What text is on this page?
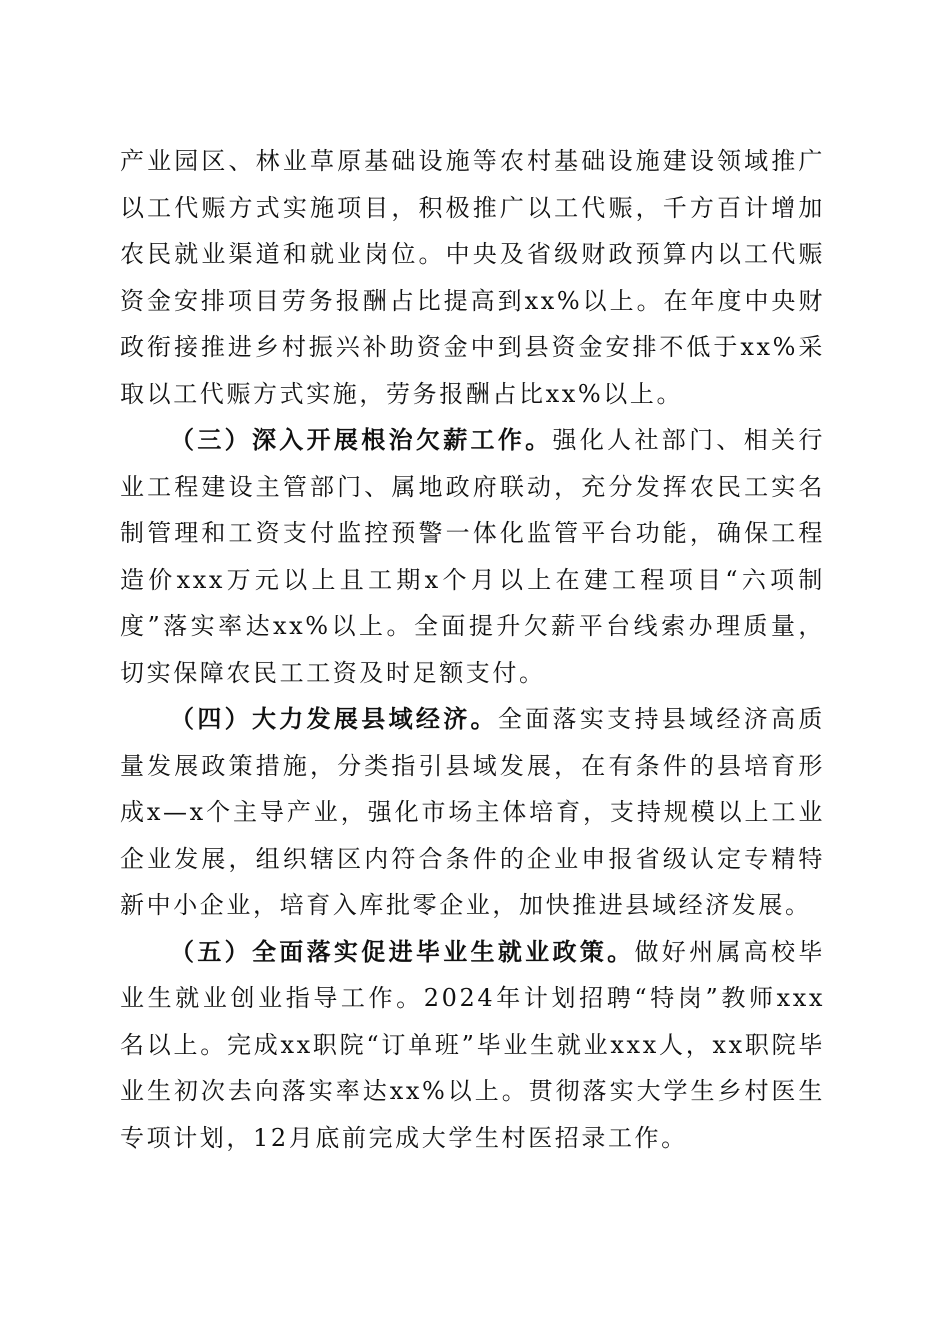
产业园区、林业草原基础设施等农村基础设施建设领域推广以工代赈方式实施项目，积极推广以工代赈，千方百计增加农民就业渠道和就业岗位。中央及省级财政预算内以工代赈资金安排项目劳务报酬占比提高到xx%以上。在年度中央财政衔接推进乡村振兴补助资金中到县资金安排不低于xx%采取以工代赈方式实施，劳务报酬占比xx%以上。

（三）深入开展根治欠薪工作。强化人社部门、相关行业工程建设主管部门、属地政府联动，充分发挥农民工实名制管理和工资支付监控预警一体化监管平台功能，确保工程造价xxx万元以上且工期x个月以上在建工程项目“六项制度”落实率达xx%以上。全面提升欠薪平台线索办理质量，切实保障农民工工资及时足额支付。

（四）大力发展县域经济。全面落实支持县域经济高质量发展政策措施，分类指引县域发展，在有条件的县培育形成x—x个主导产业，强化市场主体培育，支持规模以上工业企业发展，组织辖区内符合条件的企业申报省级认定专精特新中小企业，培育入库批零企业，加快推进县域经济发展。

（五）全面落实促进毕业生就业政策。做好州属高校毕业生就业创业指导工作。2024年计划招聘“特岗”教师xxx名以上。完成xx职院“订单班”毕业生就业xxx人，xx职院毕业生初次去向落实率达xx%以上。贯彻落实大学生乡村医生专项计划，12月底前完成大学生村医招录工作。
